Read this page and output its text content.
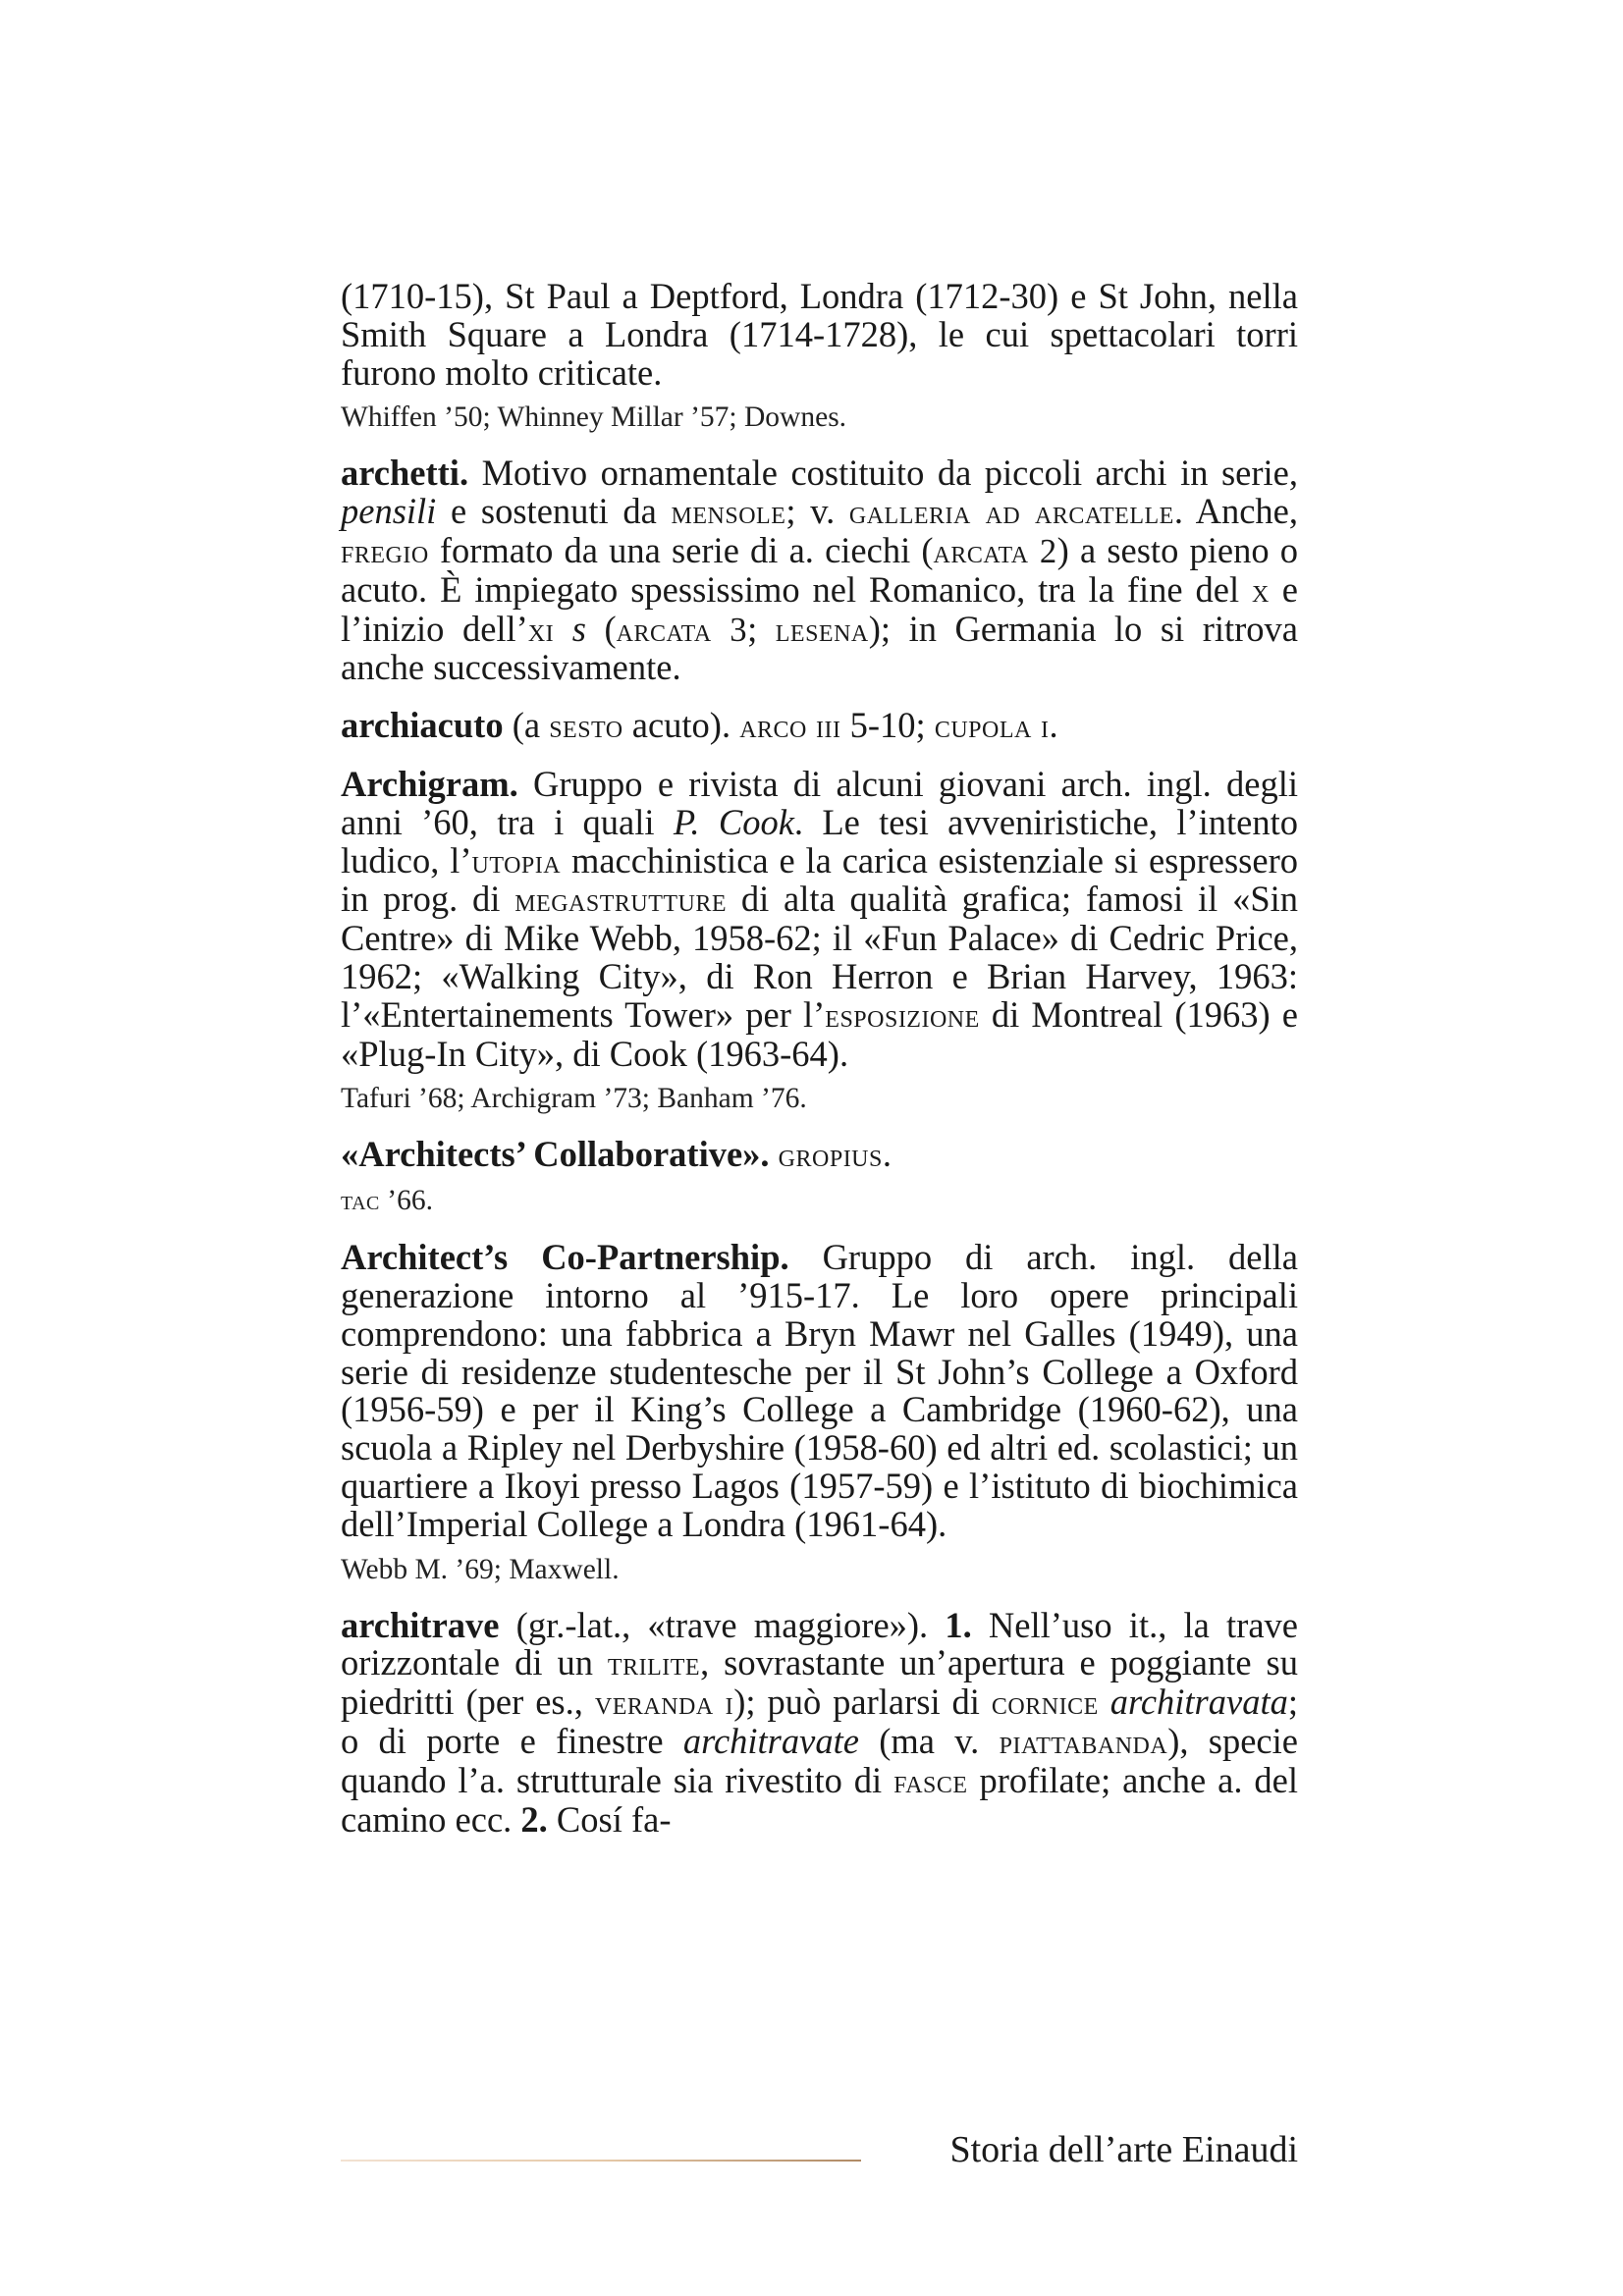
(1710-15), St Paul a Deptford, Londra (1712-30) e St John, nella Smith Square a Londra (1714-1728), le cui spettacolari torri furono molto criticate.

Whiffen ’50; Whinney Millar ’57; Downes.

archetti. Motivo ornamentale costituito da piccoli archi in serie, pensili e sostenuti da mensole; v. galleria ad arcatelle. Anche, fregio formato da una serie di a. ciechi (arcata 2) a sesto pieno o acuto. È impiegato spessissimo nel Romanico, tra la fine del x e l’inizio dell’xi s (arcata 3; lesena); in Germania lo si ritrova anche successivamente.

archiacuto (a sesto acuto). arco iii 5-10; cupola i.

Archigram. Gruppo e rivista di alcuni giovani arch. ingl. degli anni ’60, tra i quali P. Cook. Le tesi avveniristiche, l’intento ludico, l’utopia macchinistica e la carica esistenziale si espressero in prog. di megastrutture di alta qualità grafica; famosi il «Sin Centre» di Mike Webb, 1958-62; il «Fun Palace» di Cedric Price, 1962; «Walking City», di Ron Herron e Brian Harvey, 1963: l’«Entertainements Tower» per l’esposizione di Montreal (1963) e «Plug-In City», di Cook (1963-64).

Tafuri ’68; Archigram ’73; Banham ’76.

«Architects’ Collaborative». gropius.

tac ’66.

Architect’s Co-Partnership. Gruppo di arch. ingl. della generazione intorno al ’915-17. Le loro opere principali comprendono: una fabbrica a Bryn Mawr nel Galles (1949), una serie di residenze studentesche per il St John’s College a Oxford (1956-59) e per il King’s College a Cambridge (1960-62), una scuola a Ripley nel Derbyshire (1958-60) ed altri ed. scolastici; un quartiere a Ikoyi presso Lagos (1957-59) e l’istituto di biochimica dell’Imperial College a Londra (1961-64).

Webb M. ’69; Maxwell.

architrave (gr.-lat., «trave maggiore»). 1. Nell’uso it., la trave orizzontale di un trilite, sovrastante un’apertura e poggiante su piedritti (per es., veranda i); può parlarsi di cornice architravata; o di porte e finestre architravate (ma v. piattabanda), specie quando l’a. strutturale sia rivestito di fasce profilate; anche a. del camino ecc. 2. Cosí fa-

Storia dell’arte Einaudi
